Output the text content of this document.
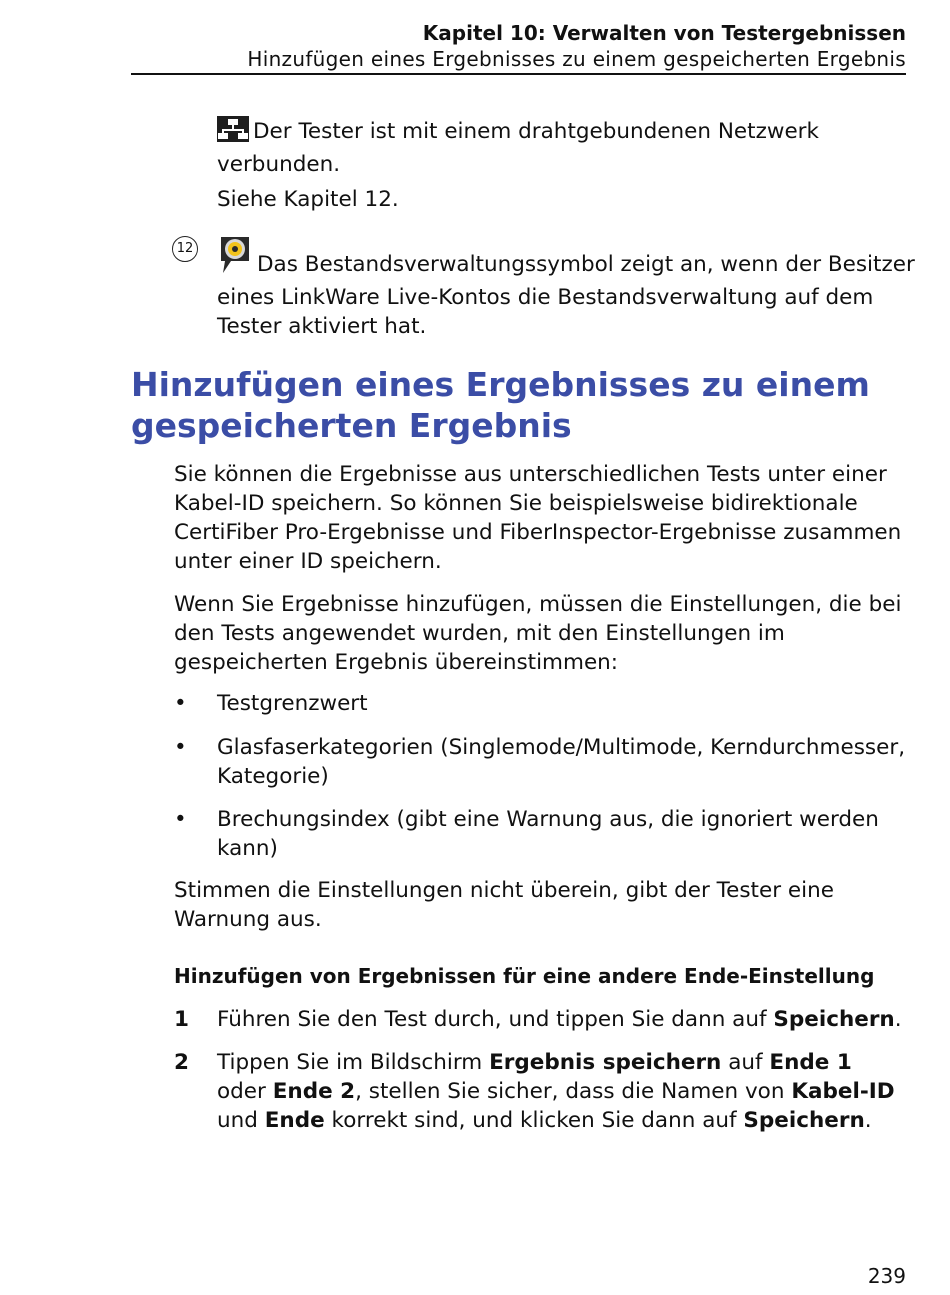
Kapitel 10: Verwalten von Testergebnissen
Hinzufügen eines Ergebnisses zu einem gespeicherten Ergebnis

Der Tester ist mit einem drahtgebundenen Netzwerk verbunden.

Siehe Kapitel 12.

12

Das Bestandsverwaltungssymbol zeigt an, wenn der Besitzer eines LinkWare Live-Kontos die Bestandsverwaltung auf dem Tester aktiviert hat.

Hinzufügen eines Ergebnisses zu einem gespeicherten Ergebnis

Sie können die Ergebnisse aus unterschiedlichen Tests unter einer Kabel-ID speichern. So können Sie beispielsweise bidirektionale CertiFiber Pro-Ergebnisse und FiberInspector-Ergebnisse zusammen unter einer ID speichern.

Wenn Sie Ergebnisse hinzufügen, müssen die Einstellungen, die bei den Tests angewendet wurden, mit den Einstellungen im gespeicherten Ergebnis übereinstimmen:

• Testgrenzwert

• Glasfaserkategorien (Singlemode/Multimode, Kerndurchmesser, Kategorie)

• Brechungsindex (gibt eine Warnung aus, die ignoriert werden kann)

Stimmen die Einstellungen nicht überein, gibt der Tester eine Warnung aus.

Hinzufügen von Ergebnissen für eine andere Ende-Einstellung
1 Führen Sie den Test durch, und tippen Sie dann auf Speichern.

2 Tippen Sie im Bildschirm Ergebnis speichern auf Ende 1 oder Ende 2, stellen Sie sicher, dass die Namen von Kabel-ID und Ende korrekt sind, und klicken Sie dann auf Speichern.

239
